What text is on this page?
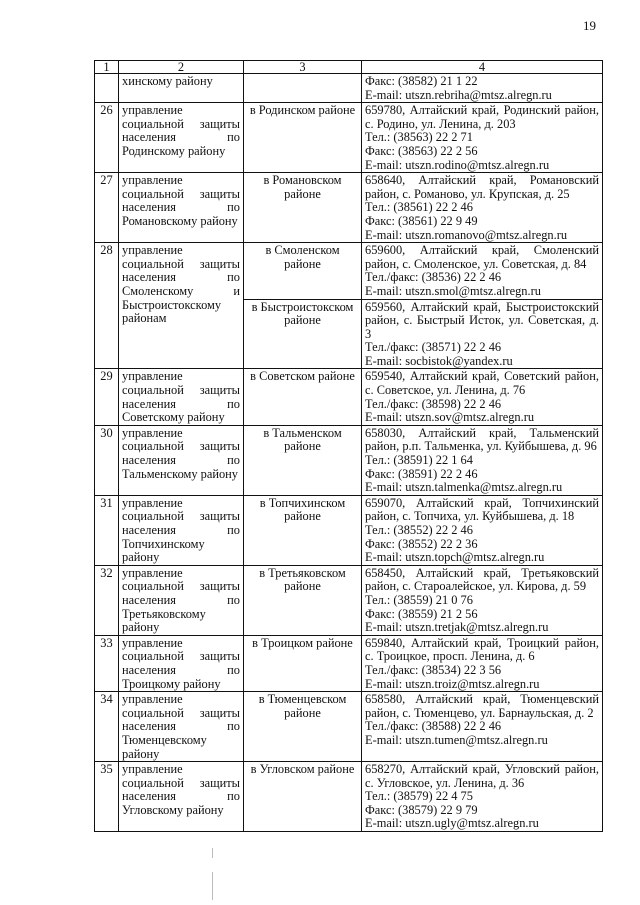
19
1	2	3	4
	хинскому району		Факс: (38582) 21 1 22
E-mail: utszn.rebriha@mtsz.alregn.ru

26	управление социальной защиты населения по Родинскому району	в Родинском районе	659780, Алтайский край, Родинский район, с. Родино, ул. Ленина, д. 203
Тел.: (38563) 22 2 71
Факс: (38563) 22 2 56
E-mail: utszn.rodino@mtsz.alregn.ru

27	управление социальной защиты населения по Романовскому району	в Романовском районе	658640, Алтайский край, Романовский район, с. Романово, ул. Крупская, д. 25
Тел.: (38561) 22 2 46
Факс: (38561) 22 9 49
E-mail: utszn.romanovo@mtsz.alregn.ru

28	управление социальной защиты населения по Смоленскому и Быстроистокскому районам	в Смоленском районе	659600, Алтайский край, Смоленский район, с. Смоленское, ул. Советская, д. 84
Тел./факс: (38536) 22 2 46
E-mail: utszn.smol@mtsz.alregn.ru

		в Быстроистокском районе	659560, Алтайский край, Быстроистокский район, с. Быстрый Исток, ул. Советская, д. 3
Тел./факс: (38571) 22 2 46
E-mail: socbistok@yandex.ru

29	управление социальной защиты населения по Советскому району	в Советском районе	659540, Алтайский край, Советский район, с. Советское, ул. Ленина, д. 76
Тел./факс: (38598) 22 2 46
E-mail: utszn.sov@mtsz.alregn.ru

30	управление социальной защиты населения по Тальменскому району	в Тальменском районе	658030, Алтайский край, Тальменский район, р.п. Тальменка, ул. Куйбышева, д. 96
Тел.: (38591) 22 1 64
Факс: (38591) 22 2 46
E-mail: utszn.talmenka@mtsz.alregn.ru

31	управление социальной защиты населения по Топчихинскому району	в Топчихинском районе	659070, Алтайский край, Топчихинский район, с. Топчиха, ул. Куйбышева, д. 18
Тел.: (38552) 22 2 46
Факс: (38552) 22 2 36
E-mail: utszn.topch@mtsz.alregn.ru

32	управление социальной защиты населения по Третьяковскому району	в Третьяковском районе	658450, Алтайский край, Третьяковский район, с. Староалейское, ул. Кирова, д. 59
Тел.: (38559) 21 0 76
Факс: (38559) 21 2 56
E-mail: utszn.tretjak@mtsz.alregn.ru

33	управление социальной защиты населения по Троицкому району	в Троицком районе	659840, Алтайский край, Троицкий район, с. Троицкое, просп. Ленина, д. 6
Тел./факс: (38534) 22 3 56
E-mail: utszn.troiz@mtsz.alregn.ru

34	управление социальной защиты населения по Тюменцевскому району	в Тюменцевском районе	658580, Алтайский край, Тюменцевский район, с. Тюменцево, ул. Барнаульская, д. 2
Тел./факс: (38588) 22 2 46
E-mail: utszn.tumen@mtsz.alregn.ru

35	управление социальной защиты населения по Угловскому району	в Угловском районе	658270, Алтайский край, Угловский район, с. Угловское, ул. Ленина, д. 36
Тел.: (38579) 22 4 75
Факс: (38579) 22 9 79
E-mail: utszn.ugly@mtsz.alregn.ru
